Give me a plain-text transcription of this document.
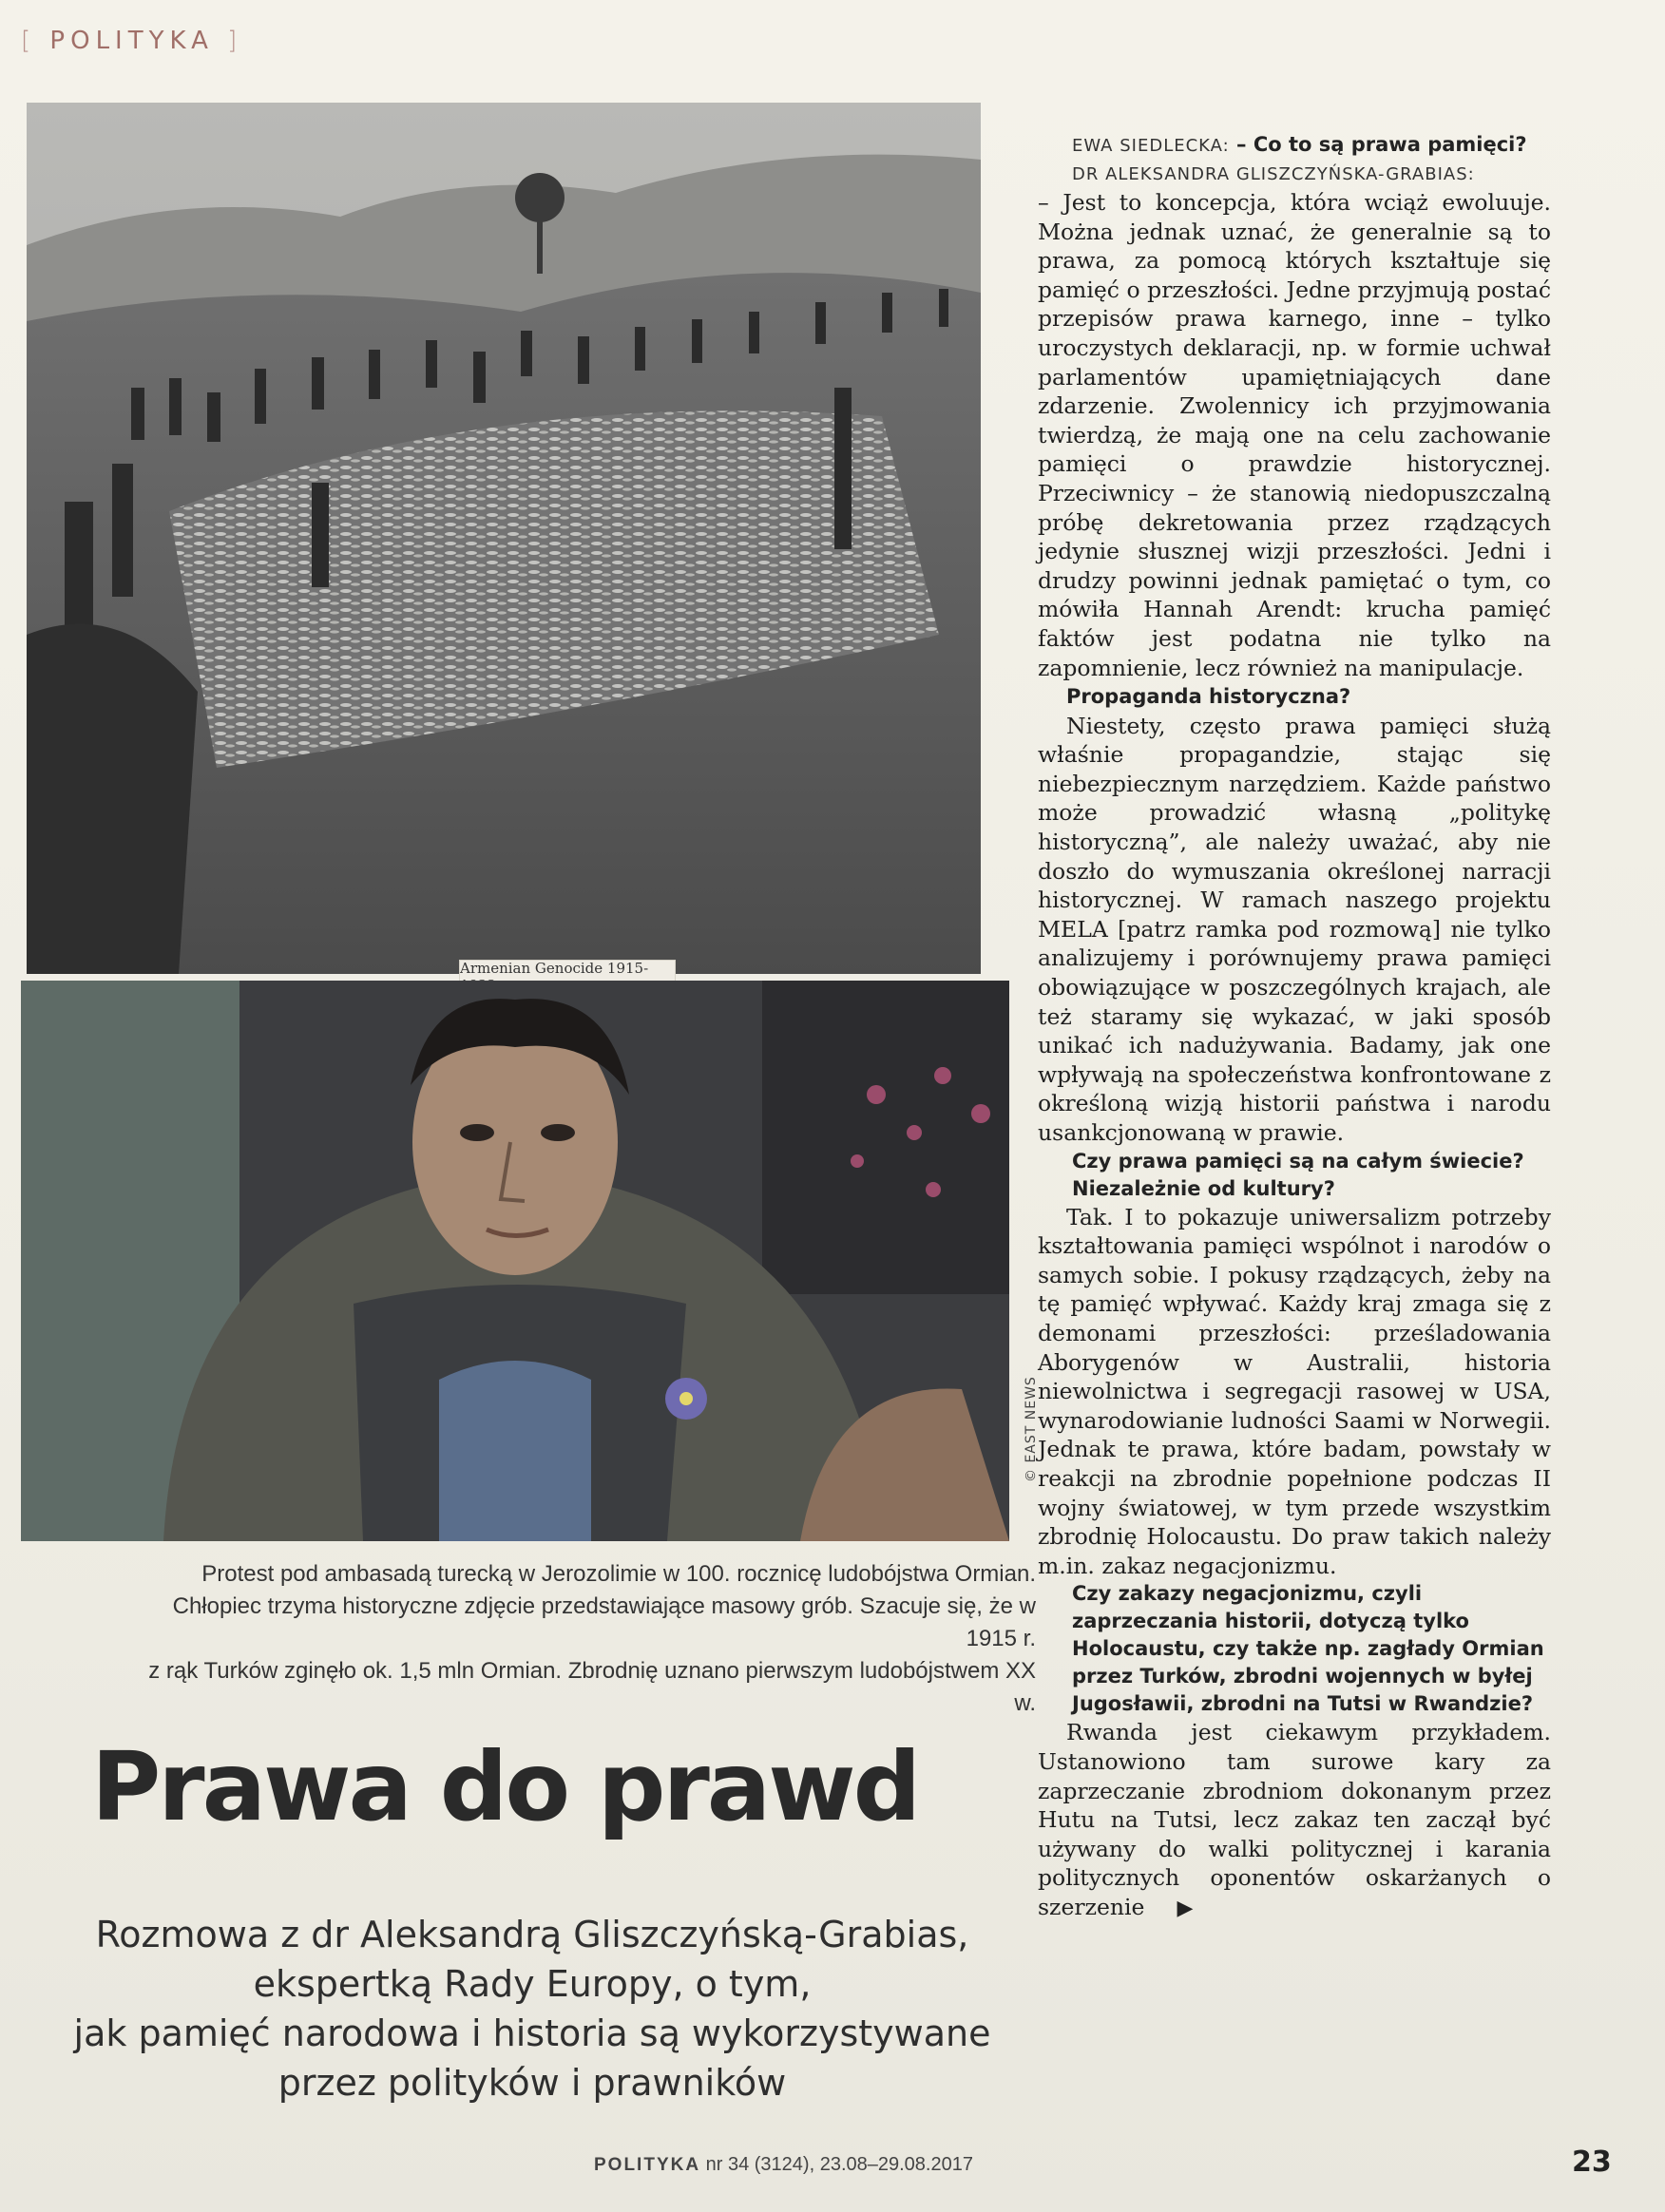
[ POLITYKA ]
Armenian Genocide 1915-
© EAST NEWS

Protest pod ambasadą turecką w Jerozolimie w 100. rocznicę ludobójstwa Ormian.

Chłopiec trzyma historyczne zdjęcie przedstawiające masowy grób. Szacuje się, że w 1915 r.

z rąk Turków zginęło ok. 1,5 mln Ormian. Zbrodnię uznano pierwszym ludobójstwem XX w.

Prawa do prawd

Rozmowa z dr Aleksandrą Gliszczyńską-Grabias,

ekspertką Rady Europy, o tym,

jak pamięć narodowa i historia są wykorzystywane

przez polityków i prawników

EWA SIEDLECKA: – Co to są prawa pamięci?

DR ALEKSANDRA GLISZCZYŃSKA-GRABIAS:

– Jest to koncepcja, która wciąż ewoluuje. Można jednak uznać, że generalnie są to prawa, za pomocą których kształtuje się pamięć o przeszłości. Jedne przyjmują postać przepisów prawa karnego, inne – tylko uroczystych deklaracji, np. w formie uchwał parlamentów upamiętniających dane zdarzenie. Zwolennicy ich przyjmowania twierdzą, że mają one na celu zachowanie pamięci o prawdzie historycznej. Przeciwnicy – że stanowią niedopuszczalną próbę dekretowania przez rządzących jedynie słusznej wizji przeszłości. Jedni i drudzy powinni jednak pamiętać o tym, co mówiła Hannah Arendt: krucha pamięć faktów jest podatna nie tylko na zapomnienie, lecz również na manipulacje.

Propaganda historyczna?

Niestety, często prawa pamięci służą właśnie propagandzie, stając się niebezpiecznym narzędziem. Każde państwo może prowadzić własną „politykę historyczną”, ale należy uważać, aby nie doszło do wymuszania określonej narracji historycznej. W ramach naszego projektu MELA [patrz ramka pod rozmową] nie tylko analizujemy i porównujemy prawa pamięci obowiązujące w poszczególnych krajach, ale też staramy się wykazać, w jaki sposób unikać ich nadużywania. Badamy, jak one wpływają na społeczeństwa konfrontowane z określoną wizją historii państwa i narodu usankcjonowaną w prawie.

Czy prawa pamięci są na całym świecie? Niezależnie od kultury?

Tak. I to pokazuje uniwersalizm potrzeby kształtowania pamięci wspólnot i narodów o samych sobie. I pokusy rządzących, żeby na tę pamięć wpływać. Każdy kraj zmaga się z demonami przeszłości: prześladowania Aborygenów w Australii, historia niewolnictwa i segregacji rasowej w USA, wynarodowianie ludności Saami w Norwegii. Jednak te prawa, które badam, powstały w reakcji na zbrodnie popełnione podczas II wojny światowej, w tym przede wszystkim zbrodnię Holocaustu. Do praw takich należy m.in. zakaz negacjonizmu.

Czy zakazy negacjonizmu, czyli zaprzeczania historii, dotyczą tylko Holocaustu, czy także np. zagłady Ormian przez Turków, zbrodni wojennych w byłej Jugosławii, zbrodni na Tutsi w Rwandzie?

Rwanda jest ciekawym przykładem. Ustanowiono tam surowe kary za zaprzeczanie zbrodniom dokonanym przez Hutu na Tutsi, lecz zakaz ten zaczął być używany do walki politycznej i karania politycznych oponentów oskarżanych o szerzenie ▶

POLITYKA nr 34 (3124), 23.08–29.08.2017	23
